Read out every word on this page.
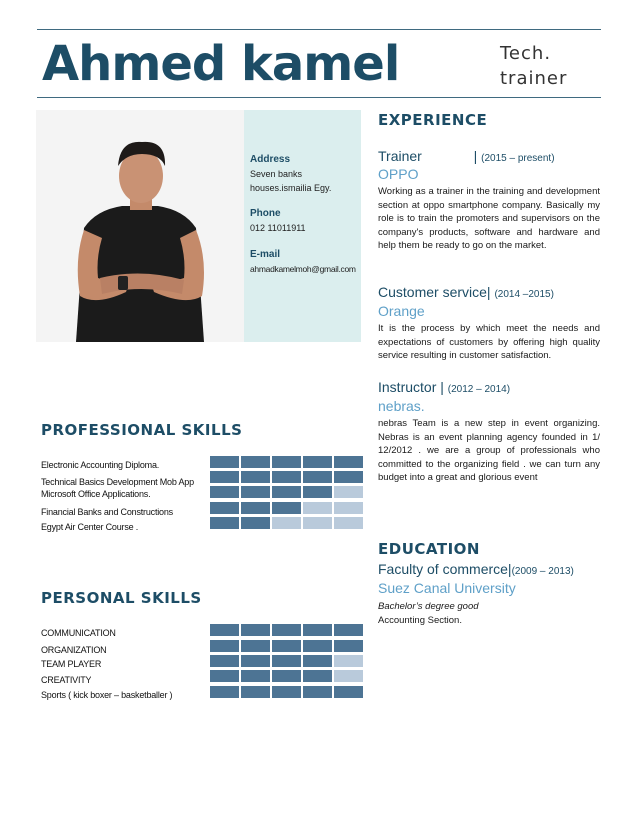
Ahmed kamel	Tech.
trainer
Address
Seven banks
houses.ismailia Egy.
Phone
012 11011911
E-mail
ahmadkamelmoh@gmail.com
PROFESSIONAL SKILLS
Electronic Accounting Diploma.
Technical Basics Development Mob App
Microsoft Office Applications.
Financial Banks and Constructions
Egypt Air Center Course .
PERSONAL SKILLS
COMMUNICATION
ORGANIZATION
TEAM PLAYER
CREATIVITY
Sports ( kick boxer – basketballer )
EXPERIENCE
Trainer	| (2015 – present)
OPPO
Working as a trainer in the training and development section at oppo smartphone company. Basically my role is to train the promoters and supervisors on the company's products, software and hardware and help them be ready to go on the market.
Customer service| (2014 –2015)
Orange
It is the process by which meet the needs and expectations of customers by offering high quality service resulting in customer satisfaction.
Instructor | (2012 – 2014)
nebras.
nebras Team is a new step in event organizing. Nebras is an event planning agency founded in 1/ 12/2012 . we are a group of professionals who committed to the organizing field . we can turn any budget into a great and glorious event
EDUCATION
Faculty of commerce|(2009 – 2013)
Suez Canal University
Bachelor’s degree good
Accounting Section.
